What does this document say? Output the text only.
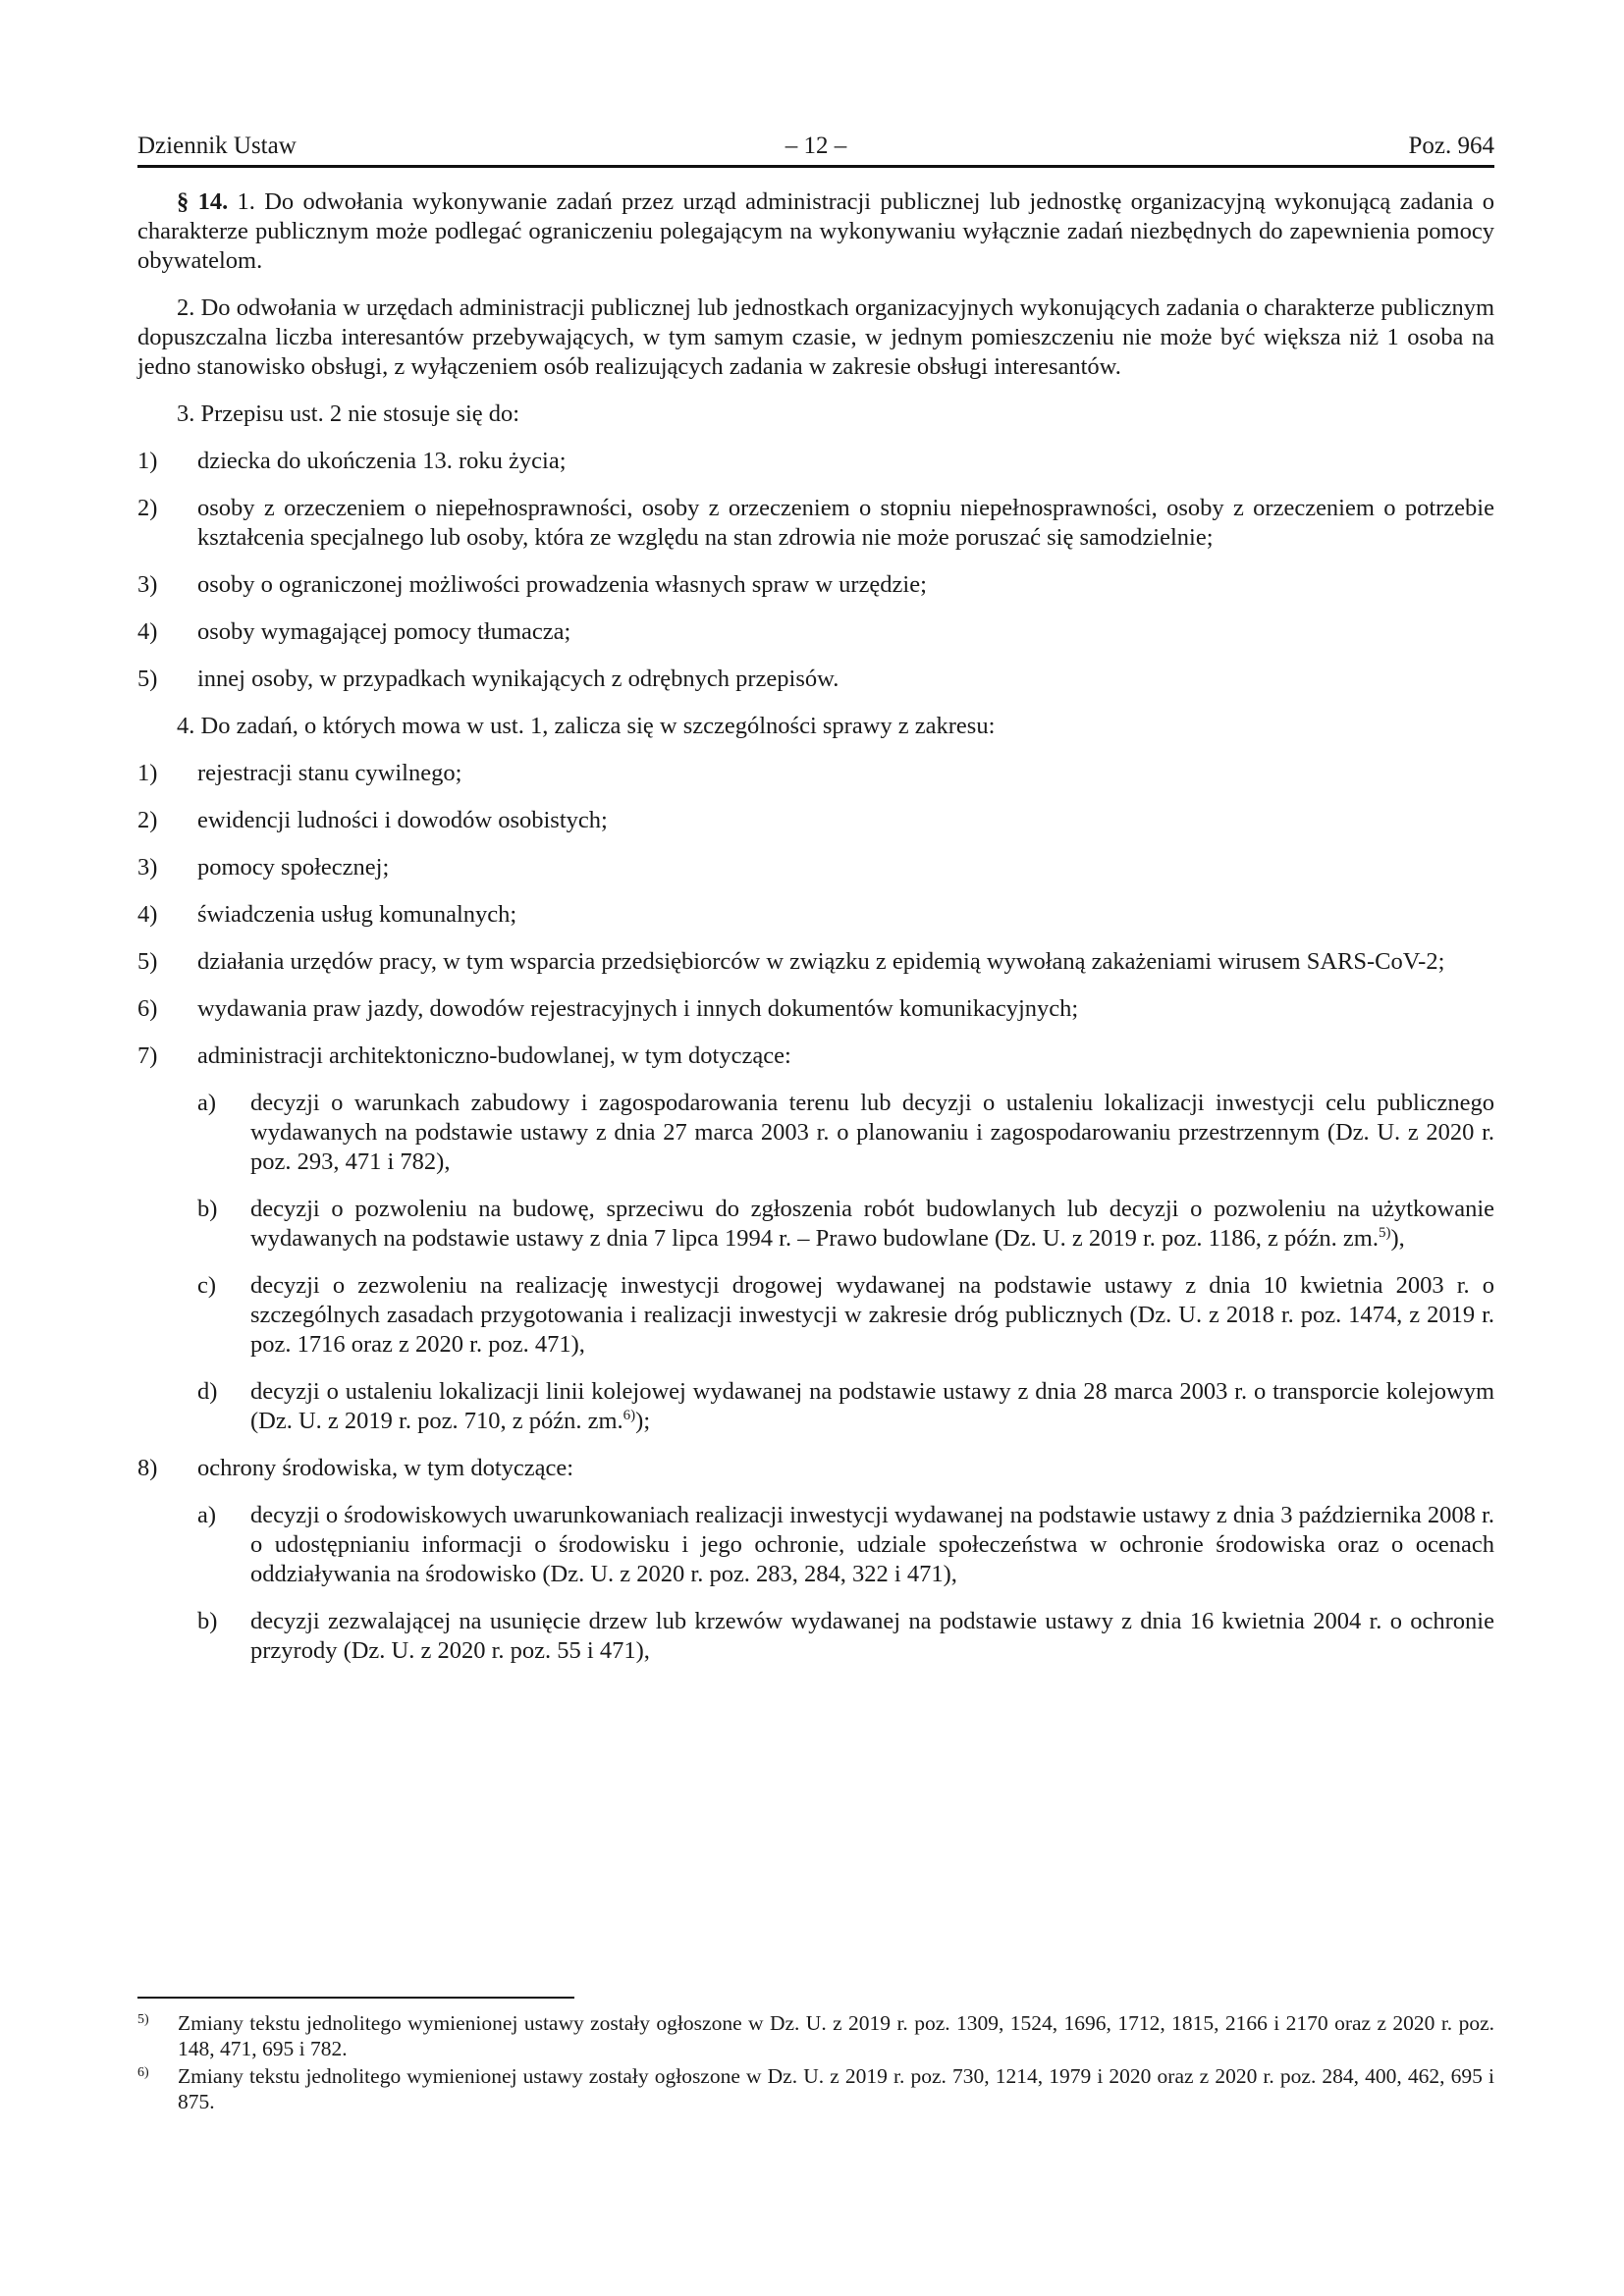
Dziennik Ustaw	– 12 –	Poz. 964

§ 14. 1. Do odwołania wykonywanie zadań przez urząd administracji publicznej lub jednostkę organizacyjną wykonującą zadania o charakterze publicznym może podlegać ograniczeniu polegającym na wykonywaniu wyłącznie zadań niezbędnych do zapewnienia pomocy obywatelom.

2. Do odwołania w urzędach administracji publicznej lub jednostkach organizacyjnych wykonujących zadania o charakterze publicznym dopuszczalna liczba interesantów przebywających, w tym samym czasie, w jednym pomieszczeniu nie może być większa niż 1 osoba na jedno stanowisko obsługi, z wyłączeniem osób realizujących zadania w zakresie obsługi interesantów.

3. Przepisu ust. 2 nie stosuje się do:

1) dziecka do ukończenia 13. roku życia;
2) osoby z orzeczeniem o niepełnosprawności, osoby z orzeczeniem o stopniu niepełnosprawności, osoby z orzeczeniem o potrzebie kształcenia specjalnego lub osoby, która ze względu na stan zdrowia nie może poruszać się samodzielnie;
3) osoby o ograniczonej możliwości prowadzenia własnych spraw w urzędzie;
4) osoby wymagającej pomocy tłumacza;
5) innej osoby, w przypadkach wynikających z odrębnych przepisów.

4. Do zadań, o których mowa w ust. 1, zalicza się w szczególności sprawy z zakresu:

1) rejestracji stanu cywilnego;
2) ewidencji ludności i dowodów osobistych;
3) pomocy społecznej;
4) świadczenia usług komunalnych;
5) działania urzędów pracy, w tym wsparcia przedsiębiorców w związku z epidemią wywołaną zakażeniami wirusem SARS-CoV-2;
6) wydawania praw jazdy, dowodów rejestracyjnych i innych dokumentów komunikacyjnych;
7) administracji architektoniczno-budowlanej, w tym dotyczące:
a) decyzji o warunkach zabudowy i zagospodarowania terenu lub decyzji o ustaleniu lokalizacji inwestycji celu publicznego wydawanych na podstawie ustawy z dnia 27 marca 2003 r. o planowaniu i zagospodarowaniu przestrzennym (Dz. U. z 2020 r. poz. 293, 471 i 782),
b) decyzji o pozwoleniu na budowę, sprzeciwu do zgłoszenia robót budowlanych lub decyzji o pozwoleniu na użytkowanie wydawanych na podstawie ustawy z dnia 7 lipca 1994 r. – Prawo budowlane (Dz. U. z 2019 r. poz. 1186, z późn. zm.$^{5)}$),
c) decyzji o zezwoleniu na realizację inwestycji drogowej wydawanej na podstawie ustawy z dnia 10 kwietnia 2003 r. o szczególnych zasadach przygotowania i realizacji inwestycji w zakresie dróg publicznych (Dz. U. z 2018 r. poz. 1474, z 2019 r. poz. 1716 oraz z 2020 r. poz. 471),
d) decyzji o ustaleniu lokalizacji linii kolejowej wydawanej na podstawie ustawy z dnia 28 marca 2003 r. o transporcie kolejowym (Dz. U. z 2019 r. poz. 710, z późn. zm.$^{6)}$);
8) ochrony środowiska, w tym dotyczące:
a) decyzji o środowiskowych uwarunkowaniach realizacji inwestycji wydawanej na podstawie ustawy z dnia 3 października 2008 r. o udostępnianiu informacji o środowisku i jego ochronie, udziale społeczeństwa w ochronie środowiska oraz o ocenach oddziaływania na środowisko (Dz. U. z 2020 r. poz. 283, 284, 322 i 471),
b) decyzji zezwalającej na usunięcie drzew lub krzewów wydawanej na podstawie ustawy z dnia 16 kwietnia 2004 r. o ochronie przyrody (Dz. U. z 2020 r. poz. 55 i 471),
5) Zmiany tekstu jednolitego wymienionej ustawy zostały ogłoszone w Dz. U. z 2019 r. poz. 1309, 1524, 1696, 1712, 1815, 2166 i 2170 oraz z 2020 r. poz. 148, 471, 695 i 782.
6) Zmiany tekstu jednolitego wymienionej ustawy zostały ogłoszone w Dz. U. z 2019 r. poz. 730, 1214, 1979 i 2020 oraz z 2020 r. poz. 284, 400, 462, 695 i 875.
